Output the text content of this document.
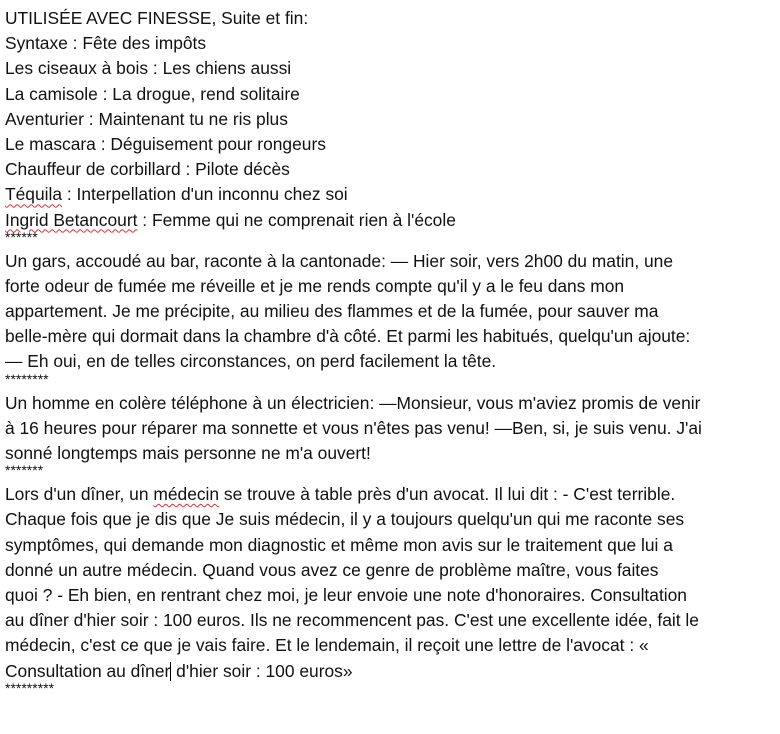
UTILISÉE AVEC FINESSE, Suite et fin:
Syntaxe : Fête des impôts
Les ciseaux à bois : Les chiens aussi
La camisole : La drogue, rend solitaire
Aventurier : Maintenant tu ne ris plus
Le mascara : Déguisement pour rongeurs
Chauffeur de corbillard : Pilote décès
Téquila : Interpellation d'un inconnu chez soi
Ingrid Betancourt : Femme qui ne comprenait rien à l'école
******
Un gars, accoudé au bar, raconte à la cantonade: — Hier soir, vers 2h00 du matin, une
forte odeur de fumée me réveille et je me rends compte qu'il y a le feu dans mon
appartement. Je me précipite, au milieu des flammes et de la fumée, pour sauver ma
belle-mère qui dormait dans la chambre d'à côté. Et parmi les habitués, quelqu'un ajoute:
— Eh oui, en de telles circonstances, on perd facilement la tête.
********
Un homme en colère téléphone à un électricien: —Monsieur, vous m'aviez promis de venir
à 16 heures pour réparer ma sonnette et vous n'êtes pas venu! —Ben, si, je suis venu. J'ai
sonné longtemps mais personne ne m'a ouvert!
*******
Lors d'un dîner, un médecin se trouve à table près d'un avocat. Il lui dit : - C'est terrible.
Chaque fois que je dis que Je suis médecin, il y a toujours quelqu'un qui me raconte ses
symptômes, qui demande mon diagnostic et même mon avis sur le traitement que lui a
donné un autre médecin. Quand vous avez ce genre de problème maître, vous faites
quoi ? - Eh bien, en rentrant chez moi, je leur envoie une note d'honoraires. Consultation
au dîner d'hier soir : 100 euros. Ils ne recommencent pas. C'est une excellente idée, fait le
médecin, c'est ce que je vais faire. Et le lendemain, il reçoit une lettre de l'avocat : «
Consultation au dîner d'hier soir : 100 euros»
*********
